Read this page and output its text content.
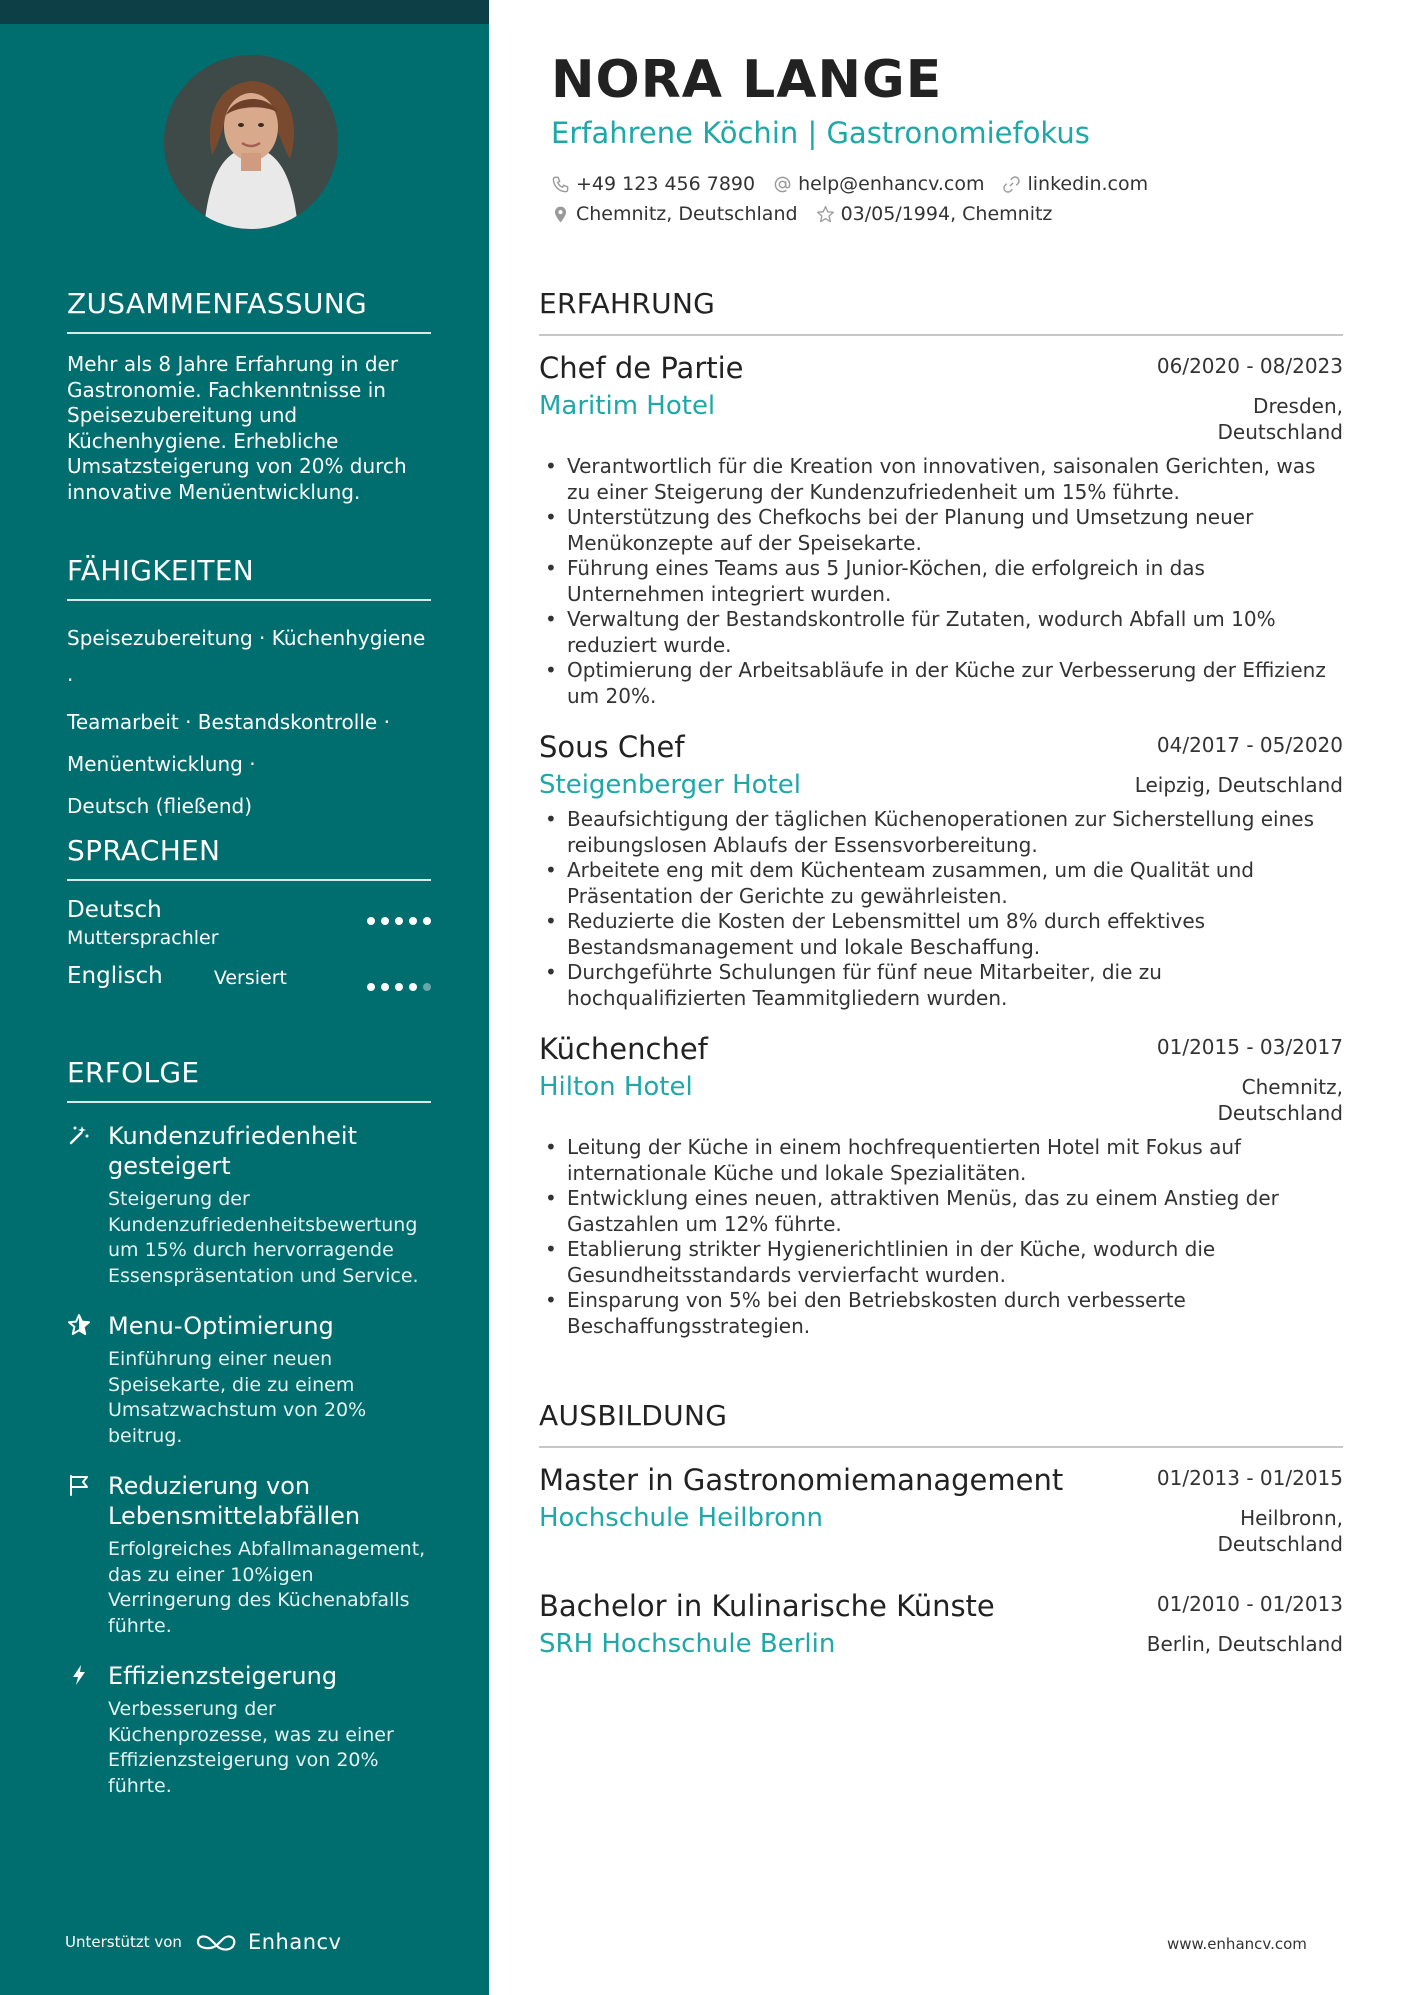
ZUSAMMENFASSUNG
Mehr als 8 Jahre Erfahrung in der Gastronomie. Fachkenntnisse in Speisezubereitung und Küchenhygiene. Erhebliche Umsatzsteigerung von 20% durch innovative Menüentwicklung.
FÄHIGKEITEN
Speisezubereitung · Küchenhygiene ·
Teamarbeit · Bestandskontrolle ·
Menüentwicklung ·
Deutsch (fließend)
SPRACHEN
Deutsch
Muttersprachler
Englisch	Versiert
ERFOLGE
Kundenzufriedenheit gesteigert
Steigerung der Kundenzufriedenheitsbewertung um 15% durch hervorragende Essenspräsentation und Service.
Menu-Optimierung
Einführung einer neuen Speisekarte, die zu einem Umsatzwachstum von 20% beitrug.
Reduzierung von Lebensmittelabfällen
Erfolgreiches Abfallmanagement, das zu einer 10%igen Verringerung des Küchenabfalls führte.
Effizienzsteigerung
Verbesserung der Küchenprozesse, was zu einer Effizienzsteigerung von 20% führte.
Unterstützt von	Enhancv
NORA LANGE
Erfahrene Köchin | Gastronomiefokus
+49 123 456 7890 help@enhancv.com linkedin.com
Chemnitz, Deutschland 03/05/1994, Chemnitz
ERFAHRUNG
Chef de Partie	06/2020 - 08/2023
Maritim Hotel	Dresden, Deutschland
• Verantwortlich für die Kreation von innovativen, saisonalen Gerichten, was zu einer Steigerung der Kundenzufriedenheit um 15% führte.
• Unterstützung des Chefkochs bei der Planung und Umsetzung neuer Menükonzepte auf der Speisekarte.
• Führung eines Teams aus 5 Junior-Köchen, die erfolgreich in das Unternehmen integriert wurden.
• Verwaltung der Bestandskontrolle für Zutaten, wodurch Abfall um 10% reduziert wurde.
• Optimierung der Arbeitsabläufe in der Küche zur Verbesserung der Effizienz um 20%.
Sous Chef	04/2017 - 05/2020
Steigenberger Hotel	Leipzig, Deutschland
• Beaufsichtigung der täglichen Küchenoperationen zur Sicherstellung eines reibungslosen Ablaufs der Essensvorbereitung.
• Arbeitete eng mit dem Küchenteam zusammen, um die Qualität und Präsentation der Gerichte zu gewährleisten.
• Reduzierte die Kosten der Lebensmittel um 8% durch effektives Bestandsmanagement und lokale Beschaffung.
• Durchgeführte Schulungen für fünf neue Mitarbeiter, die zu hochqualifizierten Teammitgliedern wurden.
Küchenchef	01/2015 - 03/2017
Hilton Hotel	Chemnitz, Deutschland
• Leitung der Küche in einem hochfrequentierten Hotel mit Fokus auf internationale Küche und lokale Spezialitäten.
• Entwicklung eines neuen, attraktiven Menüs, das zu einem Anstieg der Gastzahlen um 12% führte.
• Etablierung strikter Hygienerichtlinien in der Küche, wodurch die Gesundheitsstandards vervierfacht wurden.
• Einsparung von 5% bei den Betriebskosten durch verbesserte Beschaffungsstrategien.
AUSBILDUNG
Master in Gastronomiemanagement	01/2013 - 01/2015
Hochschule Heilbronn	Heilbronn, Deutschland
Bachelor in Kulinarische Künste	01/2010 - 01/2013
SRH Hochschule Berlin	Berlin, Deutschland
www.enhancv.com
